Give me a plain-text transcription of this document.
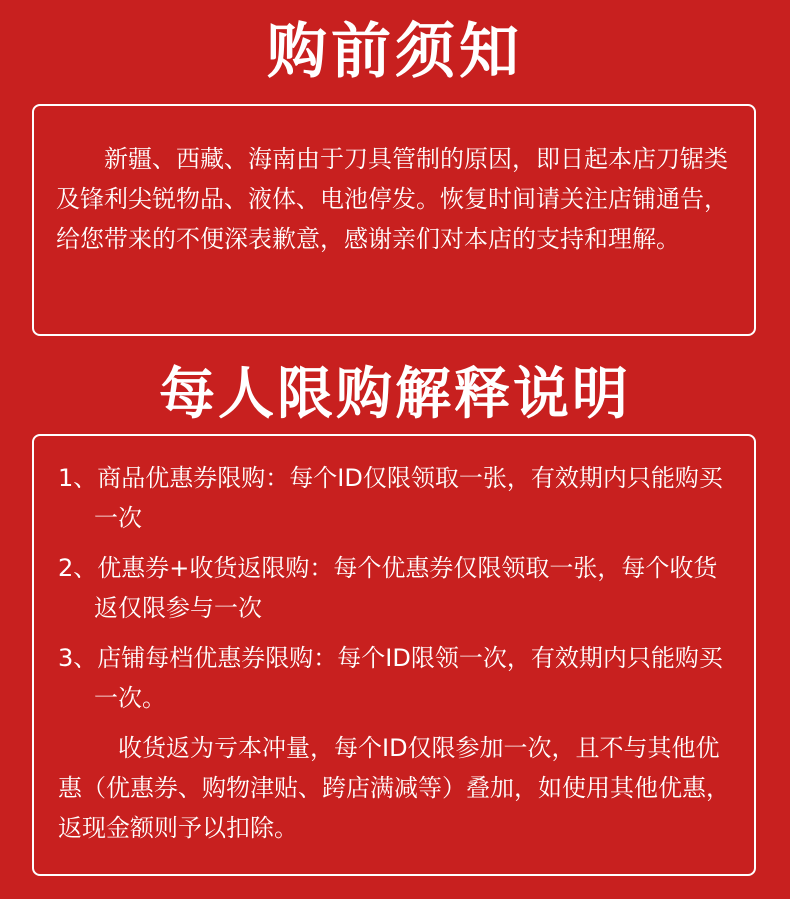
购前须知

新疆、西藏、海南由于刀具管制的原因，即日起本店刀锯类及锋利尖锐物品、液体、电池停发。恢复时间请关注店铺通告，给您带来的不便深表歉意，感谢亲们对本店的支持和理解。

每人限购解释说明

1、商品优惠券限购：每个ID仅限领取一张，有效期内只能购买一次

2、优惠券+收货返限购：每个优惠券仅限领取一张，每个收货返仅限参与一次

3、店铺每档优惠券限购：每个ID限领一次，有效期内只能购买一次。

收货返为亏本冲量，每个ID仅限参加一次，且不与其他优惠（优惠券、购物津贴、跨店满减等）叠加，如使用其他优惠，返现金额则予以扣除。
